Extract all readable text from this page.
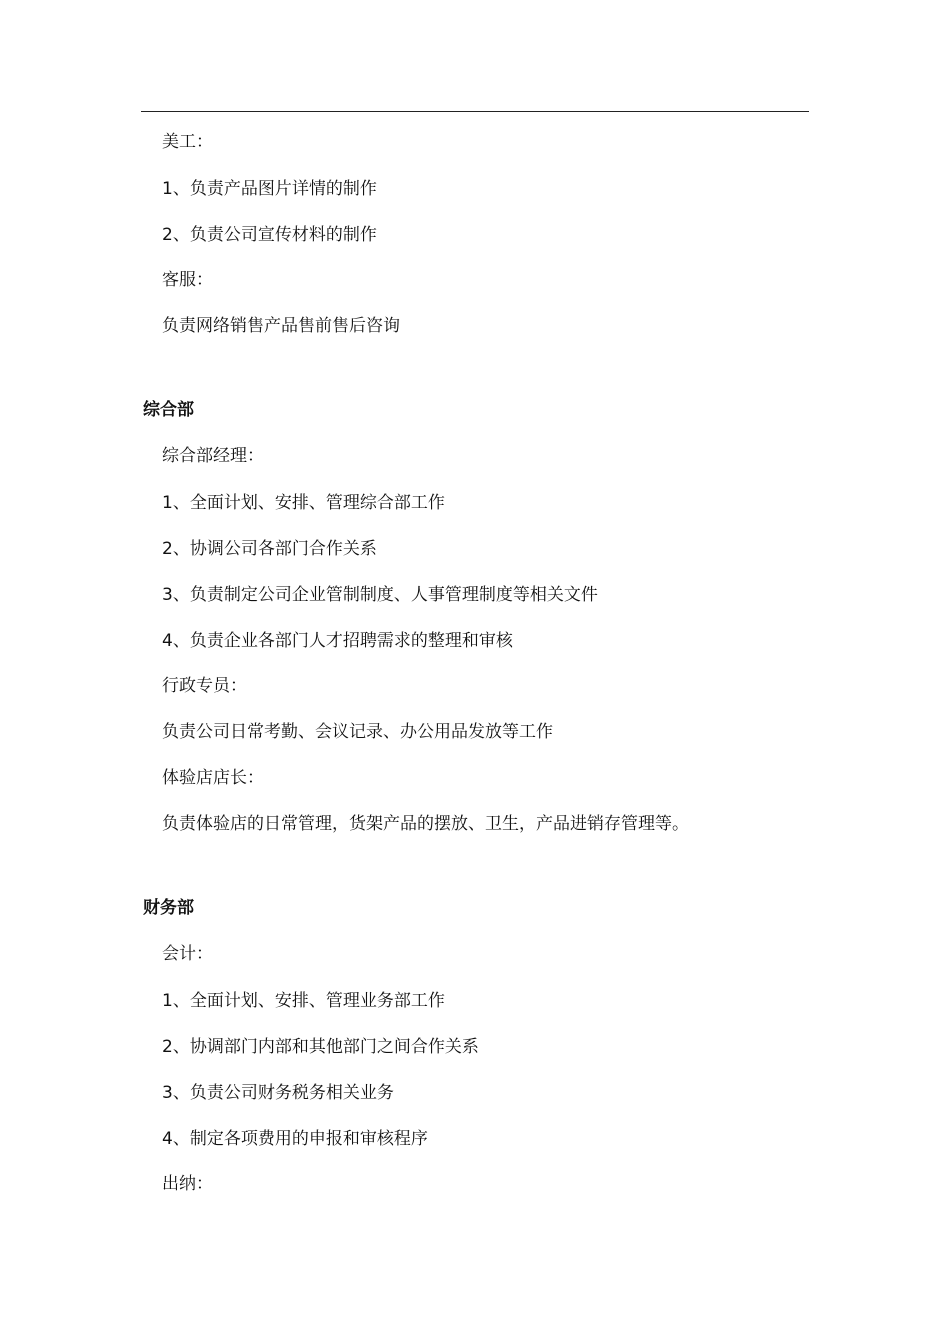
美工：
1、负责产品图片详情的制作
2、负责公司宣传材料的制作
客服：
负责网络销售产品售前售后咨询
综合部
综合部经理：
1、全面计划、安排、管理综合部工作
2、协调公司各部门合作关系
3、负责制定公司企业管制制度、人事管理制度等相关文件
4、负责企业各部门人才招聘需求的整理和审核
行政专员：
负责公司日常考勤、会议记录、办公用品发放等工作
体验店店长：
负责体验店的日常管理，货架产品的摆放、卫生，产品进销存管理等。
财务部
会计：
1、全面计划、安排、管理业务部工作
2、协调部门内部和其他部门之间合作关系
3、负责公司财务税务相关业务
4、制定各项费用的申报和审核程序
出纳：
